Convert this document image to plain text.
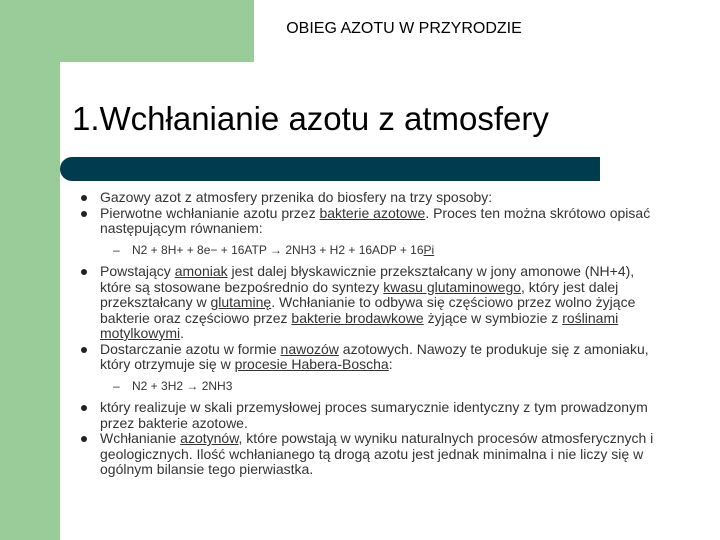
OBIEG AZOTU W PRZYRODZIE
1.Wchłanianie azotu z atmosfery
Gazowy azot z atmosfery przenika do biosfery na trzy sposoby:
Pierwotne wchłanianie azotu przez bakterie azotowe. Proces ten można skrótowo opisać następującym równaniem:
– N2 + 8H+ + 8e− + 16ATP → 2NH3 + H2 + 16ADP + 16Pi
Powstający amoniak jest dalej błyskawicznie przekształcany w jony amonowe (NH+4), które są stosowane bezpośrednio do syntezy kwasu glutaminowego, który jest dalej przekształcany w glutaminę. Wchłanianie to odbywa się częściowo przez wolno żyjące bakterie oraz częściowo przez bakterie brodawkowe żyjące w symbiozie z roślinami motylkowymi.
Dostarczanie azotu w formie nawozów azotowych. Nawozy te produkuje się z amoniaku, który otrzymuje się w procesie Habera-Boscha:
– N2 + 3H2 → 2NH3
który realizuje w skali przemysłowej proces sumarycznie identyczny z tym prowadzonym przez bakterie azotowe.
Wchłanianie azotynów, które powstają w wyniku naturalnych procesów atmosferycznych i geologicznych. Ilość wchłanianego tą drogą azotu jest jednak minimalna i nie liczy się w ogólnym bilansie tego pierwiastka.
